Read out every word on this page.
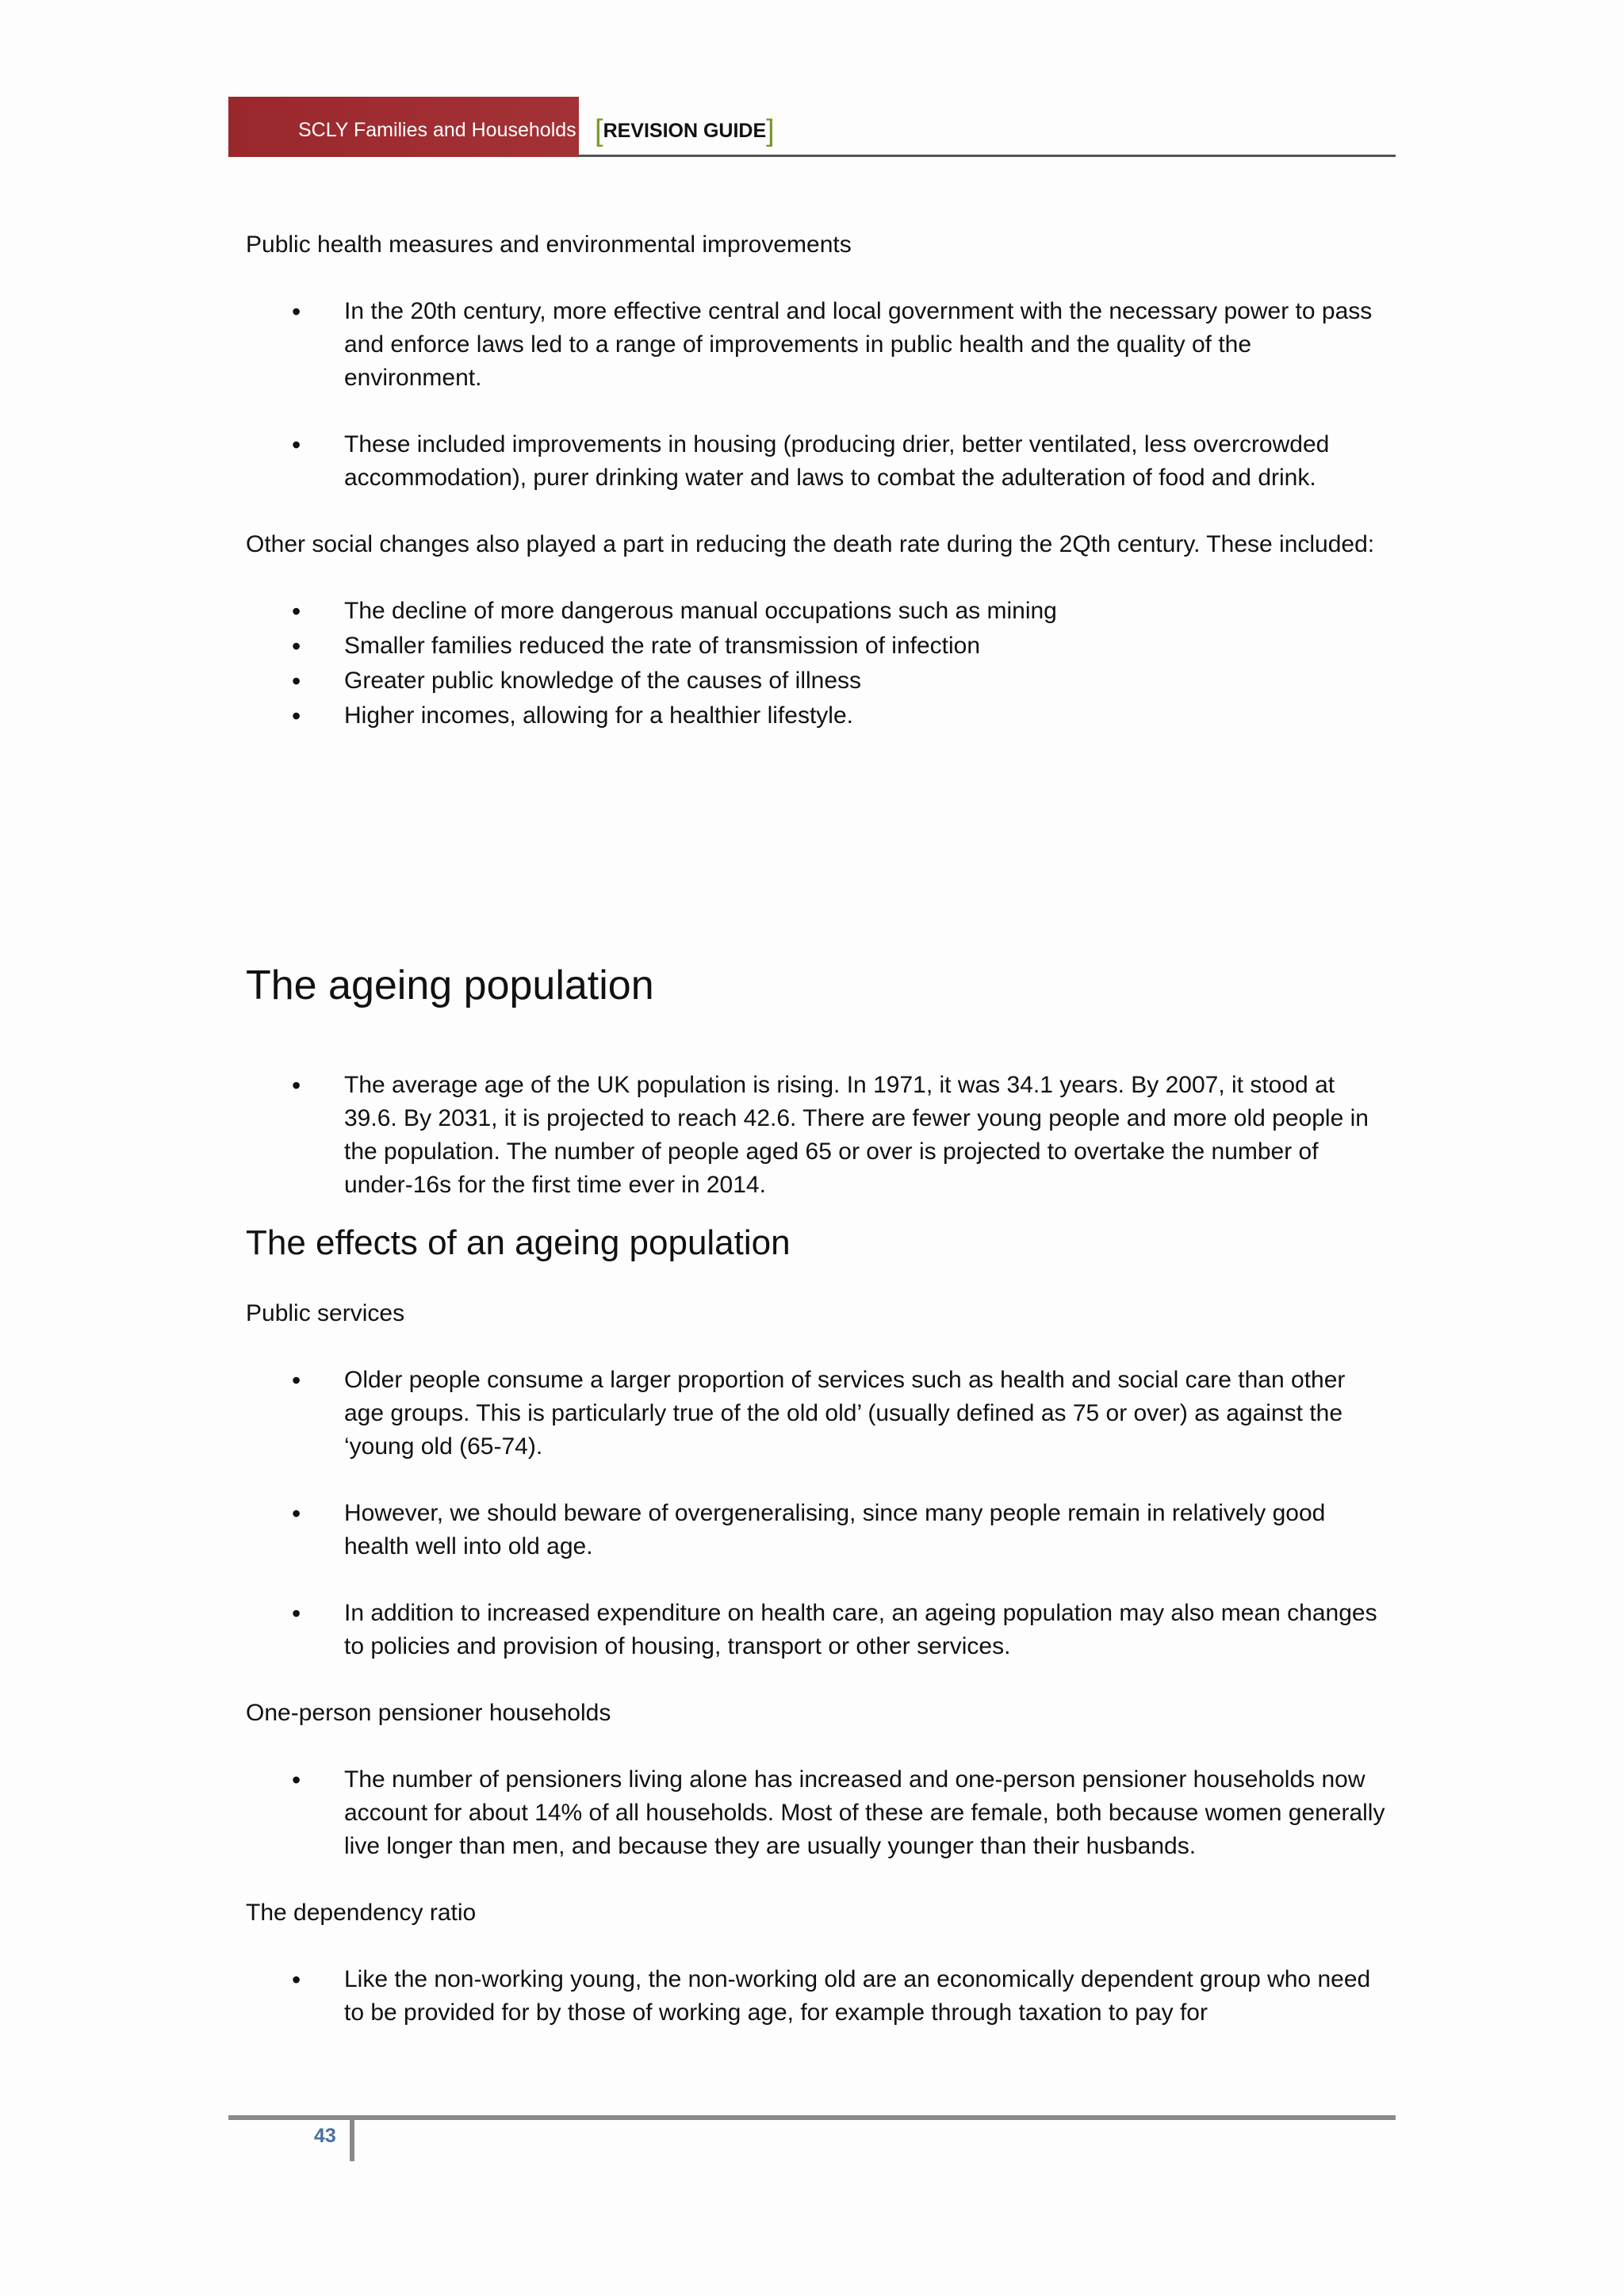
SCLY Families and Households [REVISION GUIDE]

Public health measures and environmental improvements

• In the 20th century, more effective central and local government with the necessary power to pass and enforce laws led to a range of improvements in public health and the quality of the environment.
• These included improvements in housing (producing drier, better ventilated, less overcrowded accommodation), purer drinking water and laws to combat the adulteration of food and drink.

Other social changes also played a part in reducing the death rate during the 2Qth century. These included:

• The decline of more dangerous manual occupations such as mining
• Smaller families reduced the rate of transmission of infection
• Greater public knowledge of the causes of illness
• Higher incomes, allowing for a healthier lifestyle.
The ageing population
• The average age of the UK population is rising. In 1971, it was 34.1 years. By 2007, it stood at 39.6. By 2031, it is projected to reach 42.6. There are fewer young people and more old people in the population. The number of people aged 65 or over is projected to overtake the number of under-16s for the first time ever in 2014.
The effects of an ageing population

Public services

• Older people consume a larger proportion of services such as health and social care than other age groups. This is particularly true of the old old’ (usually defined as 75 or over) as against the ‘young old (65-74).
• However, we should beware of overgeneralising, since many people remain in relatively good health well into old age.
• In addition to increased expenditure on health care, an ageing population may also mean changes to policies and provision of housing, transport or other services.

One-person pensioner households

• The number of pensioners living alone has increased and one-person pensioner households now account for about 14% of all households. Most of these are female, both because women generally live longer than men, and because they are usually younger than their husbands.

The dependency ratio

• Like the non-working young, the non-working old are an economically dependent group who need to be provided for by those of working age, for example through taxation to pay for
43
